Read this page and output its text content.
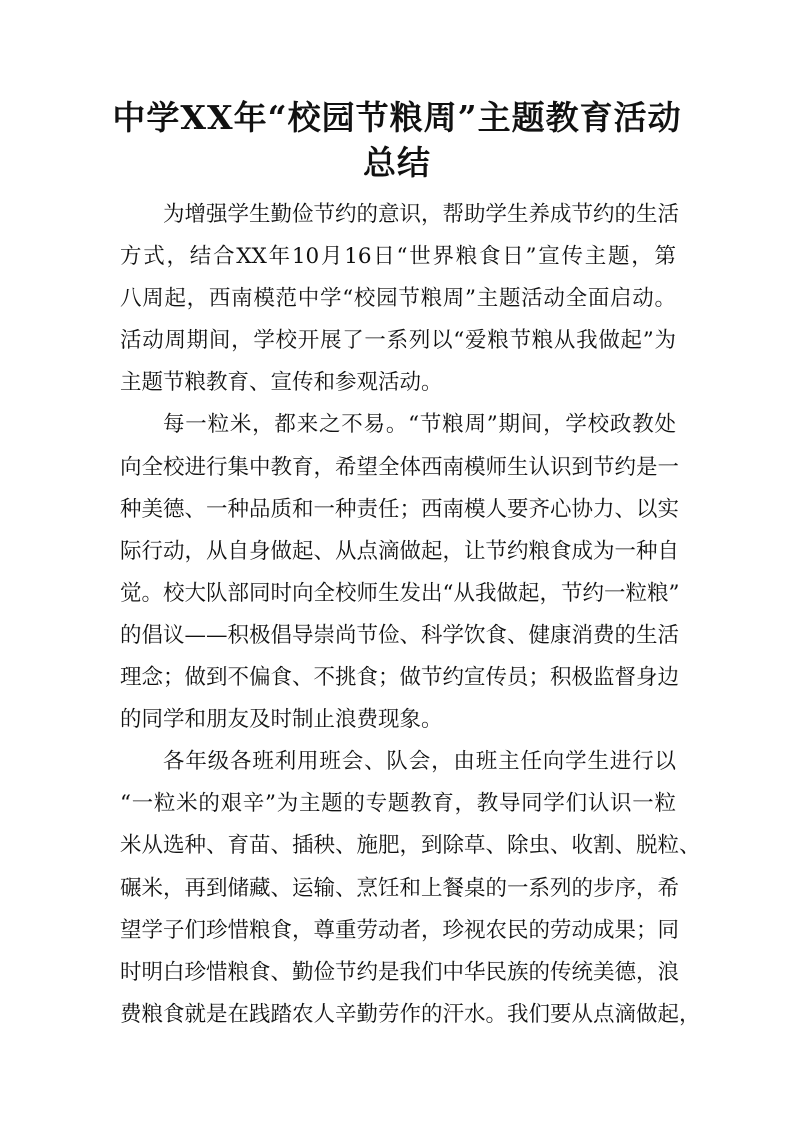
中学XX年“校园节粮周”主题教育活动
总结
为增强学生勤俭节约的意识，帮助学生养成节约的生活
方式，结合XX年10月16日“世界粮食日”宣传主题，第
八周起，西南模范中学“校园节粮周”主题活动全面启动。
活动周期间，学校开展了一系列以“爱粮节粮从我做起”为
主题节粮教育、宣传和参观活动。
每一粒米，都来之不易。“节粮周”期间，学校政教处
向全校进行集中教育，希望全体西南模师生认识到节约是一
种美德、一种品质和一种责任；西南模人要齐心协力、以实
际行动，从自身做起、从点滴做起，让节约粮食成为一种自
觉。校大队部同时向全校师生发出“从我做起，节约一粒粮”
的倡议——积极倡导崇尚节俭、科学饮食、健康消费的生活
理念；做到不偏食、不挑食；做节约宣传员；积极监督身边
的同学和朋友及时制止浪费现象。
各年级各班利用班会、队会，由班主任向学生进行以
“一粒米的艰辛”为主题的专题教育，教导同学们认识一粒
米从选种、育苗、插秧、施肥，到除草、除虫、收割、脱粒、
碾米，再到储藏、运输、烹饪和上餐桌的一系列的步序，希
望学子们珍惜粮食，尊重劳动者，珍视农民的劳动成果；同
时明白珍惜粮食、勤俭节约是我们中华民族的传统美德，浪
费粮食就是在践踏农人辛勤劳作的汗水。我们要从点滴做起，
